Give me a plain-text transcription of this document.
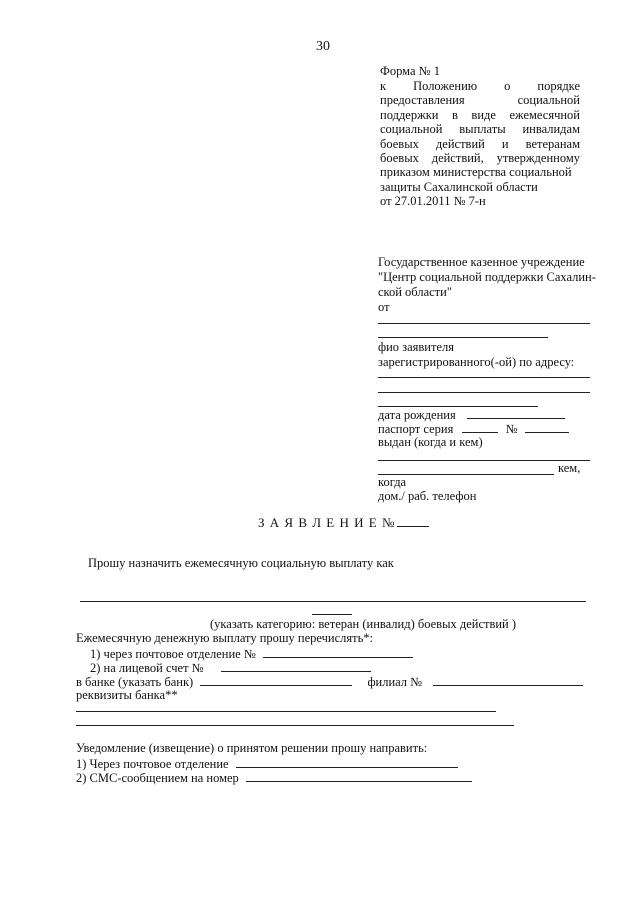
30
Форма № 1
к Положению о порядке
предоставления социальной
поддержки в виде ежемесячной
социальной выплаты инвалидам
боевых действий и ветеранам
боевых действий, утвержденному
приказом министерства социальной
защиты Сахалинской области
от 27.01.2011 № 7-н
Государственное казенное учреждение
"Центр социальной поддержки Сахалин-
ской области"
от
фио заявителя
зарегистрированного(-ой) по адресу:
дата рождения
паспорт серия	№
выдан (когда и кем)
кем,
когда
дом./ раб. телефон
З А Я В Л Е Н И Е №
Прошу назначить ежемесячную социальную выплату как
(указать категорию: ветеран (инвалид) боевых действий )
Ежемесячную денежную выплату прошу перечислять*:
1) через почтовое отделение №
2) на лицевой счет №
в банке (указать банк)	филиал №
реквизиты банка**
Уведомление (извещение) о принятом решении прошу направить:
1) Через почтовое отделение
2) СМС-сообщением на номер
